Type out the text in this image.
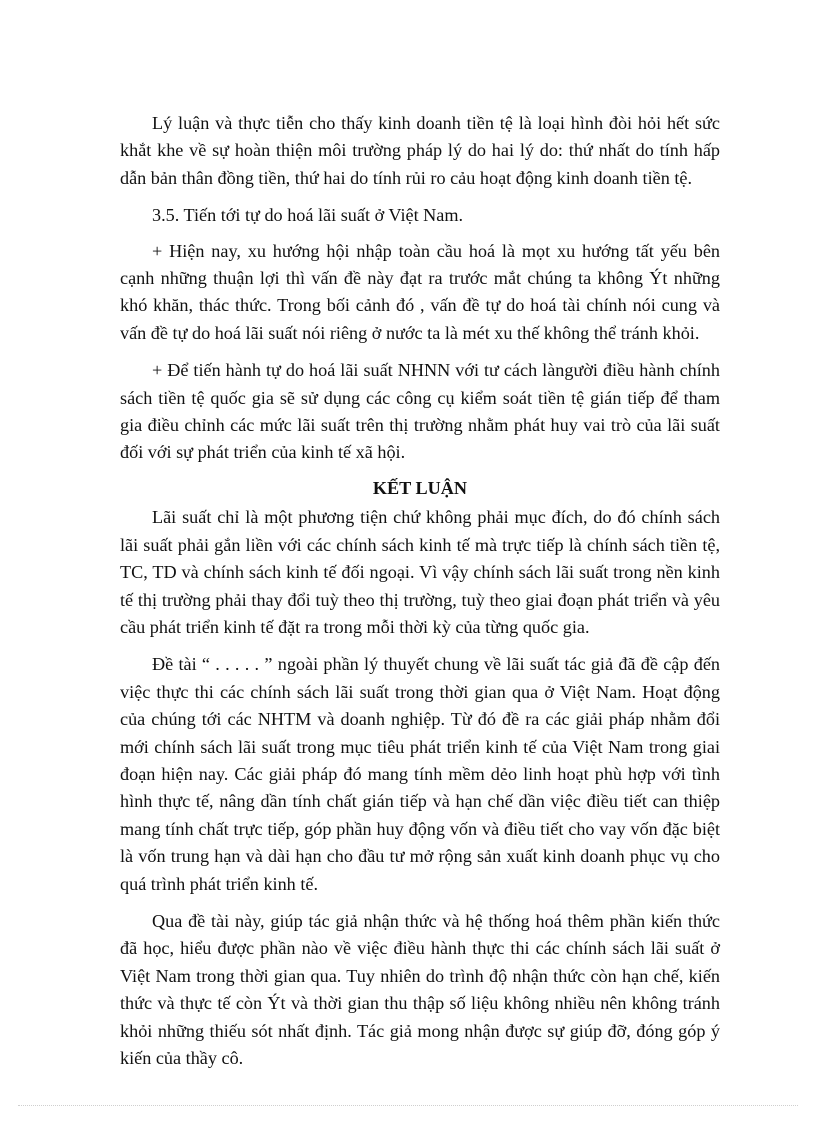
Lý luận và thực tiễn cho thấy kinh doanh tiền tệ là loại hình đòi hỏi hết sức khắt khe về sự hoàn thiện môi trường pháp lý do hai lý do: thứ nhất do tính hấp dẫn bản thân đồng tiền, thứ hai do tính rủi ro cảu hoạt động kinh doanh tiền tệ.

3.5. Tiến tới tự do hoá lãi suất ở Việt Nam.

+ Hiện nay, xu hướng hội nhập toàn cầu hoá là mọt xu hướng tất yếu bên cạnh những thuận lợi thì vấn đề này đạt ra trước mắt chúng ta không Ýt những khó khăn, thác thức. Trong bối cảnh đó , vấn đề tự do hoá tài chính nói cung và vấn đề tự do hoá lãi suất nói riêng ở nước ta là mét xu thế không thể tránh khỏi.

+ Để tiến hành tự do hoá lãi suất NHNN với tư cách làngười điều hành chính sách tiền tệ quốc gia sẽ sử dụng các công cụ kiểm soát tiền tệ gián tiếp để tham gia điều chỉnh các mức lãi suất trên thị trường nhằm phát huy vai trò của lãi suất đối với sự phát triển của kinh tế xã hội.

KẾT LUẬN

Lãi suất chỉ là một phương tiện chứ không phải mục đích, do đó chính sách lãi suất phải gắn liền với các chính sách kinh tế mà trực tiếp là chính sách tiền tệ, TC, TD và chính sách kinh tế đối ngoại. Vì vậy chính sách lãi suất trong nền kinh tế thị trường phải thay đổi tuỳ theo thị trường, tuỳ theo giai đoạn phát triển và yêu cầu phát triển kinh tế đặt ra trong mỗi thời kỳ của từng quốc gia.

Đề tài “ . . . . . ” ngoài phần lý thuyết chung về lãi suất tác giả đã đề cập đến việc thực thi các chính sách lãi suất trong thời gian qua ở Việt Nam. Hoạt động của chúng tới các NHTM và doanh nghiệp. Từ đó đề ra các giải pháp nhằm đổi mới chính sách lãi suất trong mục tiêu phát triển kinh tế của Việt Nam trong giai đoạn hiện nay. Các giải pháp đó mang tính mềm dẻo linh hoạt phù hợp với tình hình thực tế, nâng dần tính chất gián tiếp và hạn chế dần việc điều tiết can thiệp mang tính chất trực tiếp, góp phần huy động vốn và điều tiết cho vay vốn đặc biệt là vốn trung hạn và dài hạn cho đầu tư mở rộng sản xuất kinh doanh phục vụ cho quá trình phát triển kinh tế.

Qua đề tài này, giúp tác giả nhận thức và hệ thống hoá thêm phần kiến thức đã học, hiểu được phần nào về việc điều hành thực thi các chính sách lãi suất ở Việt Nam trong thời gian qua. Tuy nhiên do trình độ nhận thức còn hạn chế, kiến thức và thực tế còn Ýt và thời gian thu thập số liệu không nhiều nên không tránh khỏi những thiếu sót nhất định. Tác giả mong nhận được sự giúp đỡ, đóng góp ý kiến của thầy cô.
